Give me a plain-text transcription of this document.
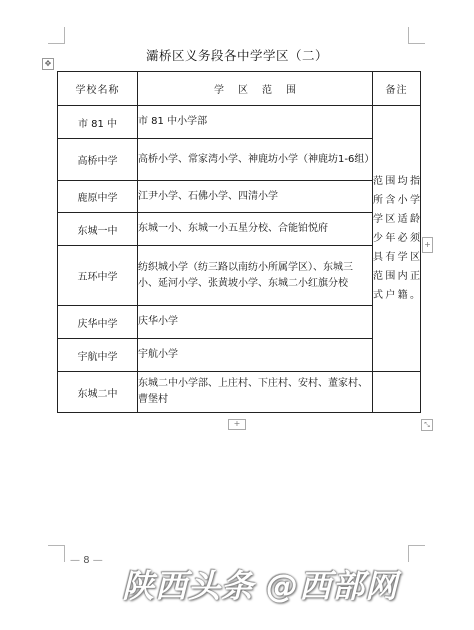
灞桥区义务段各中学学区（二）
✥
学校名称	学区范围	备注
市 81 中	市 81 中小学部	范围均指所含小学学区适龄少年必须具有学区范围内正式户籍。

高桥中学	高桥小学、常家湾小学、神鹿坊小学（神鹿坊1-6组）	
鹿原中学	江尹小学、石佛小学、四清小学	
东城一中	东城一小、东城一小五星分校、合能铂悦府	
五环中学	纺织城小学（纺三路以南纺小所属学区）、东城三小、延河小学、张黄坡小学、东城二小红旗分校	
庆华中学	庆华小学	
宇航中学	宇航小学	
东城二中	东城二中小学部、上庄村、下庄村、安村、董家村、曹堡村	
+
+	⤡
— 8 —
陕西头条 @西部网
